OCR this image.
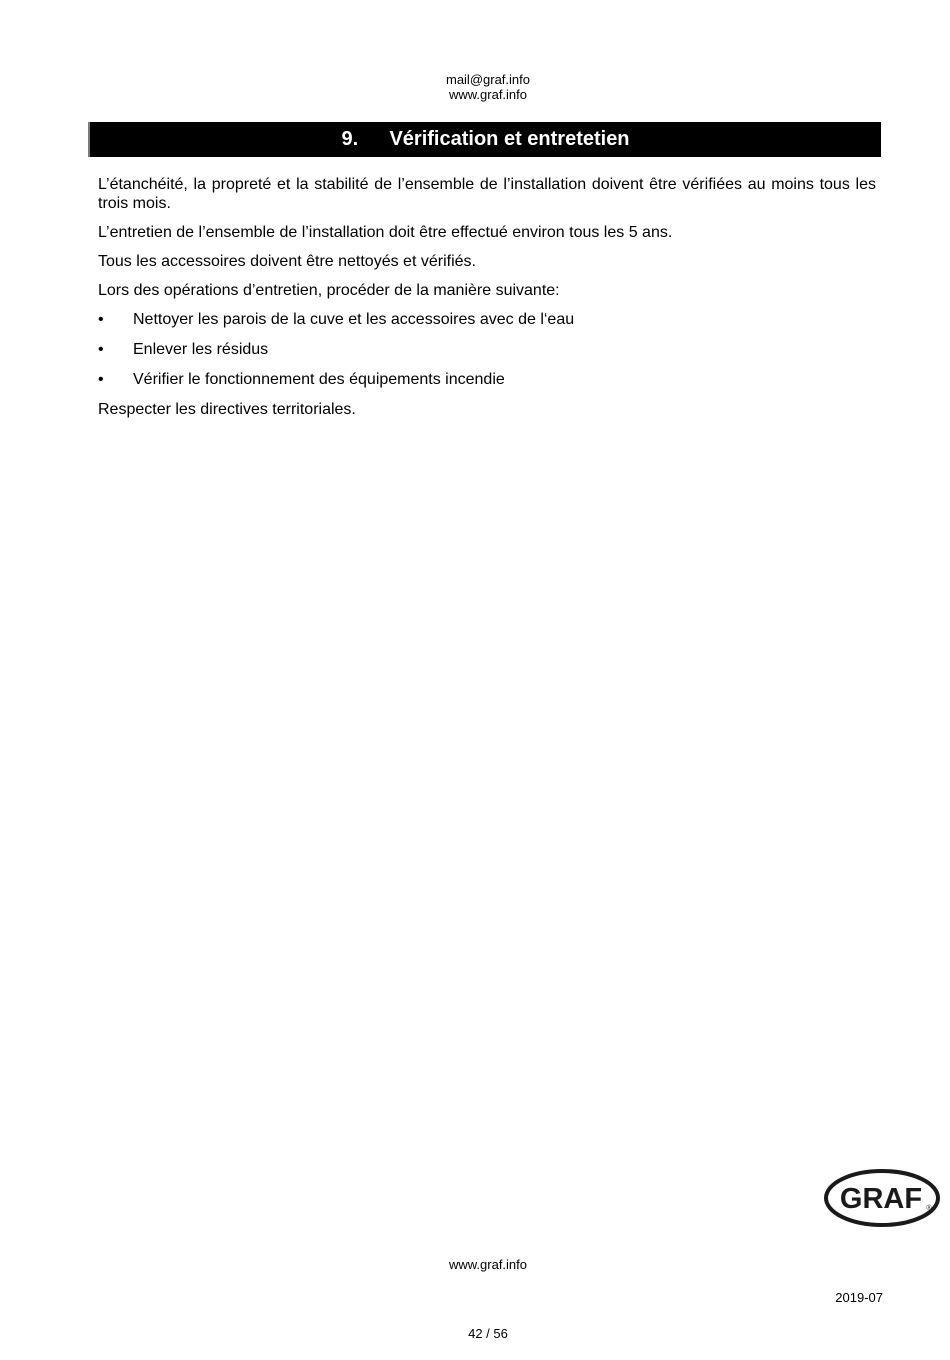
mail@graf.info
www.graf.info
9.	Vérification et entretetien

L’étanchéité, la propreté et la stabilité de l’ensemble de l’installation doivent être vérifiées au moins tous les trois mois.

L’entretien de l’ensemble de l’installation doit être effectué environ tous les 5 ans.

Tous les accessoires doivent être nettoyés et vérifiés.

Lors des opérations d’entretien, procéder de la manière suivante:

• Nettoyer les parois de la cuve et les accessoires avec de l‘eau
• Enlever les résidus
• Vérifier le fonctionnement des équipements incendie

Respecter les directives territoriales.

GRAF ®
www.graf.info
2019-07
42 / 56
